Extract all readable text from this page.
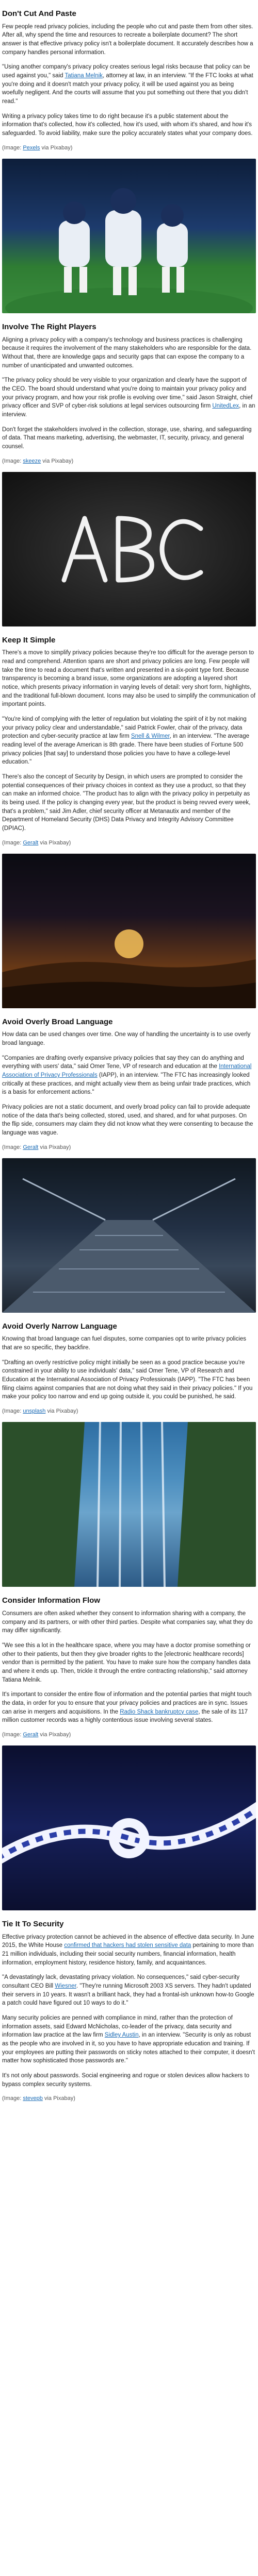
Don't Cut And Paste

Few people read privacy policies, including the people who cut and paste them from other sites. After all, why spend the time and resources to recreate a boilerplate document? The short answer is that effective privacy policy isn't a boilerplate document. It accurately describes how a company handles personal information.

"Using another company's privacy policy creates serious legal risks because that policy can be used against you," said Tatiana Melnik, attorney at law, in an interview. "If the FTC looks at what you're doing and it doesn't match your privacy policy, it will be used against you as being woefully negligent. And the courts will assume that you put something out there that you didn't read."

Writing a privacy policy takes time to do right because it's a public statement about the information that's collected, how it's collected, how it's used, with whom it's shared, and how it's safeguarded. To avoid liability, make sure the policy accurately states what your company does.

(Image: Pexels via Pixabay)

Involve The Right Players

Aligning a privacy policy with a company's technology and business practices is challenging because it requires the involvement of the many stakeholders who are responsible for the data. Without that, there are knowledge gaps and security gaps that can expose the company to a number of unanticipated and unwanted outcomes.

"The privacy policy should be very visible to your organization and clearly have the support of the CEO. The board should understand what you're doing to maintain your privacy policy and your privacy program, and how your risk profile is evolving over time," said Jason Straight, chief privacy officer and SVP of cyber-risk solutions at legal services outsourcing firm UnitedLex, in an interview.

Don't forget the stakeholders involved in the collection, storage, use, sharing, and safeguarding of data. That means marketing, advertising, the webmaster, IT, security, privacy, and general counsel.

(Image: skeeze via Pixabay)

Keep It Simple

There's a move to simplify privacy policies because they're too difficult for the average person to read and comprehend. Attention spans are short and privacy policies are long. Few people will take the time to read a document that's written and presented in a six-point type font. Because transparency is becoming a brand issue, some organizations are adopting a layered short notice, which presents privacy information in varying levels of detail: very short form, highlights, and the traditional full-blown document. Icons may also be used to simplify the communication of important points.

"You're kind of complying with the letter of regulation but violating the spirit of it by not making your privacy policy clear and understandable," said Patrick Fowler, chair of the privacy, data protection and cyber-security practice at law firm Snell & Wilmer, in an interview. "The average reading level of the average American is 8th grade. There have been studies of Fortune 500 privacy policies [that say] to understand those policies you have to have a college-level education."

There's also the concept of Security by Design, in which users are prompted to consider the potential consequences of their privacy choices in context as they use a product, so that they can make an informed choice. "The product has to align with the privacy policy in perpetuity as its being used. If the policy is changing every year, but the product is being revved every week, that's a problem," said Jim Adler, chief security officer at Metanautix and member of the Department of Homeland Security (DHS) Data Privacy and Integrity Advisory Committee (DPIAC).

(Image: Geralt via Pixabay)

Avoid Overly Broad Language

How data can be used changes over time. One way of handling the uncertainty is to use overly broad language.

"Companies are drafting overly expansive privacy policies that say they can do anything and everything with users' data," said Omer Tene, VP of research and education at the International Association of Privacy Professionals (IAPP), in an interview. "The FTC has increasingly looked critically at these practices, and might actually view them as being unfair trade practices, which is a basis for enforcement actions."

Privacy policies are not a static document, and overly broad policy can fail to provide adequate notice of the data that's being collected, stored, used, and shared, and for what purposes. On the flip side, consumers may claim they did not know what they were consenting to because the language was vague.

(Image: Geralt via Pixabay)

Avoid Overly Narrow Language

Knowing that broad language can fuel disputes, some companies opt to write privacy policies that are so specific, they backfire.

"Drafting an overly restrictive policy might initially be seen as a good practice because you're constrained in your ability to use individuals' data," said Omer Tene, VP of Research and Education at the International Association of Privacy Professionals (IAPP). "The FTC has been filing claims against companies that are not doing what they said in their privacy policies." If you make your policy too narrow and end up going outside it, you could be punished, he said.

(Image: unsplash via Pixabay)

Consider Information Flow

Consumers are often asked whether they consent to information sharing with a company, the company and its partners, or with other third parties. Despite what companies say, what they do may differ significantly.

"We see this a lot in the healthcare space, where you may have a doctor promise something or other to their patients, but then they give broader rights to the [electronic healthcare records] vendor than is permitted by the patient. You have to make sure how the company handles data and where it ends up. Then, trickle it through the entire contracting relationship," said attorney Tatiana Melnik.

It's important to consider the entire flow of information and the potential parties that might touch the data, in order for you to ensure that your privacy policies and practices are in sync. Issues can arise in mergers and acquisitions. In the Radio Shack bankruptcy case, the sale of its 117 million customer records was a highly contentious issue involving several states.

(Image: Geralt via Pixabay)

Tie It To Security

Effective privacy protection cannot be achieved in the absence of effective data security. In June 2015, the White House confirmed that hackers had stolen sensitive data pertaining to more than 21 million individuals, including their social security numbers, financial information, health information, employment history, residence history, family, and acquaintances.

"A devastatingly lack, devastating privacy violation. No consequences," said cyber-security consultant CEO Bill Wiesner. "They're running Microsoft 2003 XS servers. They hadn't updated their servers in 10 years. It wasn't a brilliant hack, they had a frontal-ish unknown how-to Google a patch could have figured out 10 ways to do it."

Many security policies are penned with compliance in mind, rather than the protection of information assets, said Edward McNicholas, co-leader of the privacy, data security and information law practice at the law firm Sidley Austin, in an interview. "Security is only as robust as the people who are involved in it, so you have to have appropriate education and training. If your employees are putting their passwords on sticky notes attached to their computer, it doesn't matter how sophisticated those passwords are."

It's not only about passwords. Social engineering and rogue or stolen devices allow hackers to bypass complex security systems.

(Image: stevepb via Pixabay)
